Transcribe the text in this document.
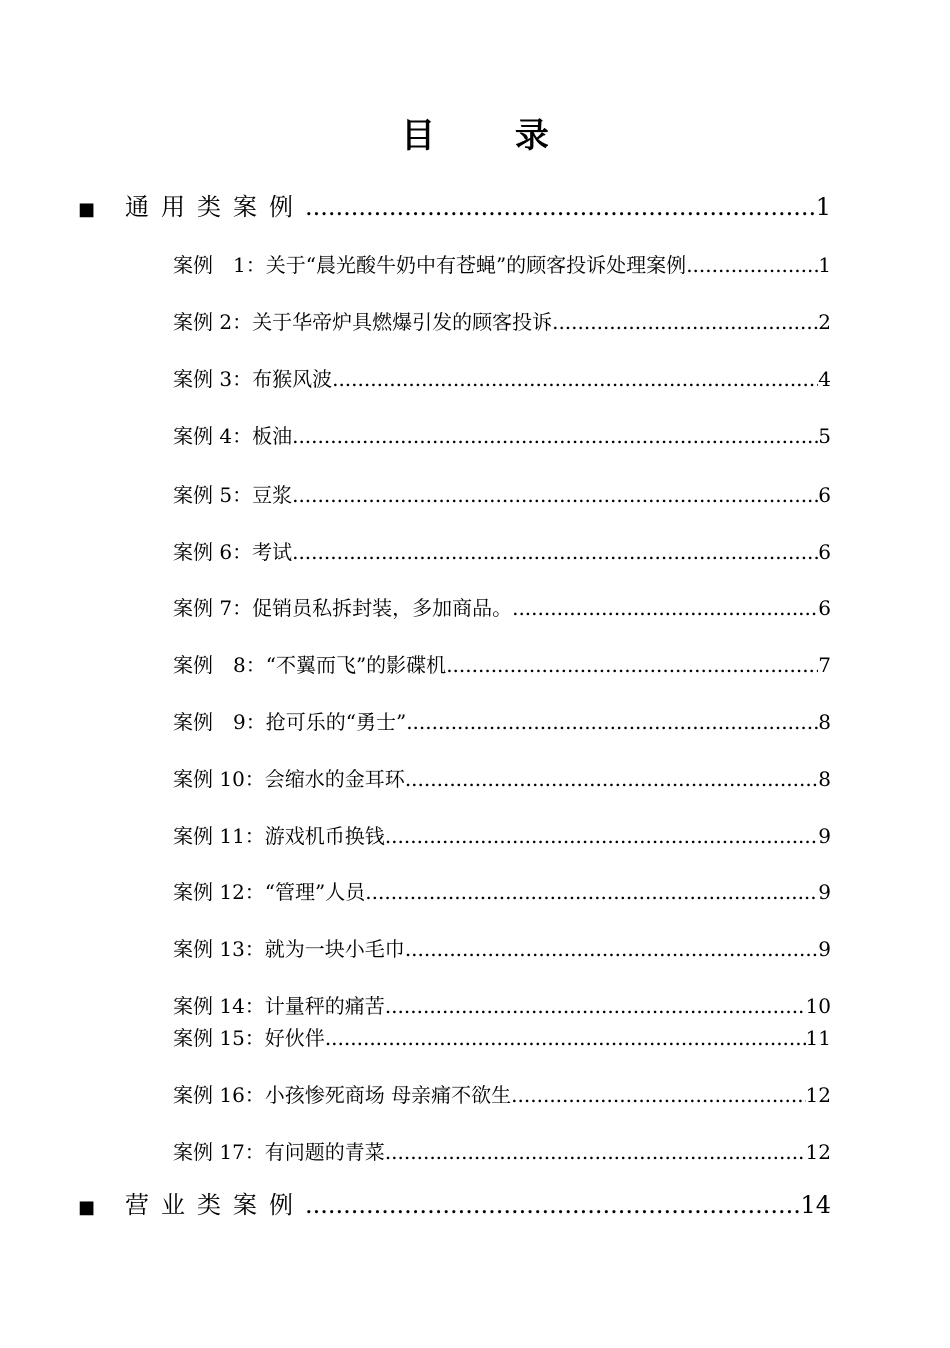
目 录
■	通用类案例 .....	1
案例　1：关于“晨光酸牛奶中有苍蝇”的顾客投诉处理案例 .....	1
案例 2：关于华帝炉具燃爆引发的顾客投诉 .....	2
案例 3：布猴风波 .....	4
案例 4：板油 .....	5
案例 5：豆浆 .....	6
案例 6：考试 .....	6
案例 7：促销员私拆封装，多加商品。 .....	6
案例　8：“不翼而飞”的影碟机 .....	7
案例　9：抢可乐的“勇士” .....	8
案例 10：会缩水的金耳环 .....	8
案例 11：游戏机币换钱 .....	9
案例 12：“管理”人员 .....	9
案例 13：就为一块小毛巾 .....	9
案例 14：计量秤的痛苦 .....	10
案例 15：好伙伴 .....	11
案例 16：小孩惨死商场 母亲痛不欲生 .....	12
案例 17：有问题的青菜 .....	12
■	营业类案例 .....	14
